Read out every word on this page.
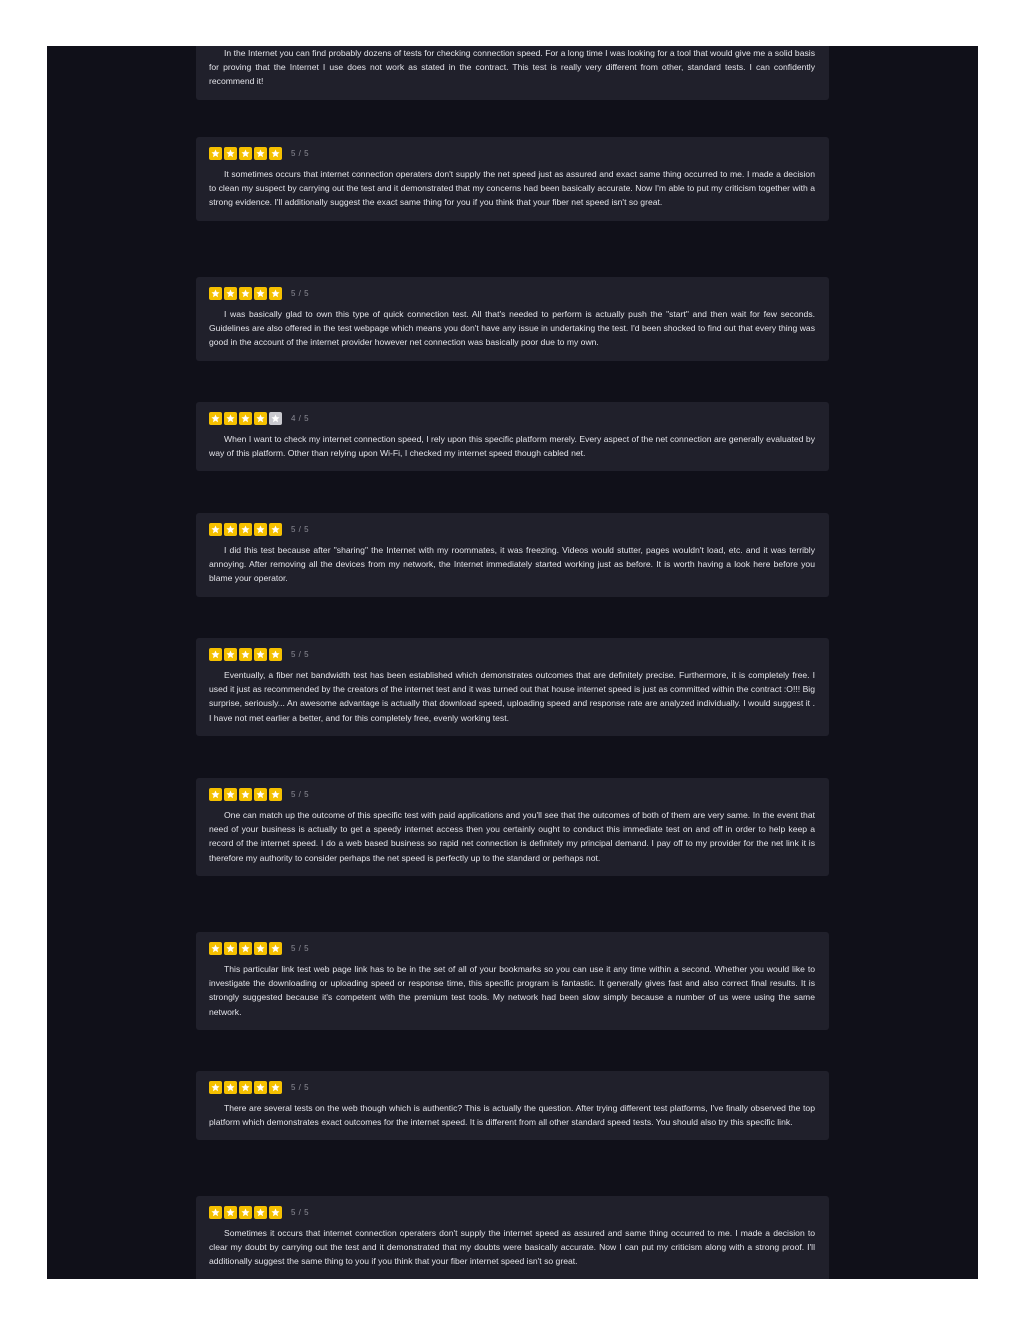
In the Internet you can find probably dozens of tests for checking connection speed. For a long time I was looking for a tool that would give me a solid basis for proving that the Internet I use does not work as stated in the contract. This test is really very different from other, standard tests. I can confidently recommend it!

5 / 5

It sometimes occurs that internet connection operaters don't supply the net speed just as assured and exact same thing occurred to me. I made a decision to clean my suspect by carrying out the test and it demonstrated that my concerns had been basically accurate. Now I'm able to put my criticism together with a strong evidence. I'll additionally suggest the exact same thing for you if you think that your fiber net speed isn't so great.

5 / 5

I was basically glad to own this type of quick connection test. All that's needed to perform is actually push the "start" and then wait for few seconds. Guidelines are also offered in the test webpage which means you don't have any issue in undertaking the test. I'd been shocked to find out that every thing was good in the account of the internet provider however net connection was basically poor due to my own.

4 / 5

When I want to check my internet connection speed, I rely upon this specific platform merely. Every aspect of the net connection are generally evaluated by way of this platform. Other than relying upon Wi-Fi, I checked my internet speed though cabled net.

5 / 5

I did this test because after "sharing" the Internet with my roommates, it was freezing. Videos would stutter, pages wouldn't load, etc. and it was terribly annoying. After removing all the devices from my network, the Internet immediately started working just as before. It is worth having a look here before you blame your operator.

5 / 5

Eventually, a fiber net bandwidth test has been established which demonstrates outcomes that are definitely precise. Furthermore, it is completely free. I used it just as recommended by the creators of the internet test and it was turned out that house internet speed is just as committed within the contract :O!!! Big surprise, seriously... An awesome advantage is actually that download speed, uploading speed and response rate are analyzed individually. I would suggest it . I have not met earlier a better, and for this completely free, evenly working test.

5 / 5

One can match up the outcome of this specific test with paid applications and you'll see that the outcomes of both of them are very same. In the event that need of your business is actually to get a speedy internet access then you certainly ought to conduct this immediate test on and off in order to help keep a record of the internet speed. I do a web based business so rapid net connection is definitely my principal demand. I pay off to my provider for the net link it is therefore my authority to consider perhaps the net speed is perfectly up to the standard or perhaps not.

5 / 5

This particular link test web page link has to be in the set of all of your bookmarks so you can use it any time within a second. Whether you would like to investigate the downloading or uploading speed or response time, this specific program is fantastic. It generally gives fast and also correct final results. It is strongly suggested because it's competent with the premium test tools. My network had been slow simply because a number of us were using the same network.

5 / 5

There are several tests on the web though which is authentic? This is actually the question. After trying different test platforms, I've finally observed the top platform which demonstrates exact outcomes for the internet speed. It is different from all other standard speed tests. You should also try this specific link.

5 / 5

Sometimes it occurs that internet connection operaters don't supply the internet speed as assured and same thing occurred to me. I made a decision to clear my doubt by carrying out the test and it demonstrated that my doubts were basically accurate. Now I can put my criticism along with a strong proof. I'll additionally suggest the same thing to you if you think that your fiber internet speed isn't so great.
